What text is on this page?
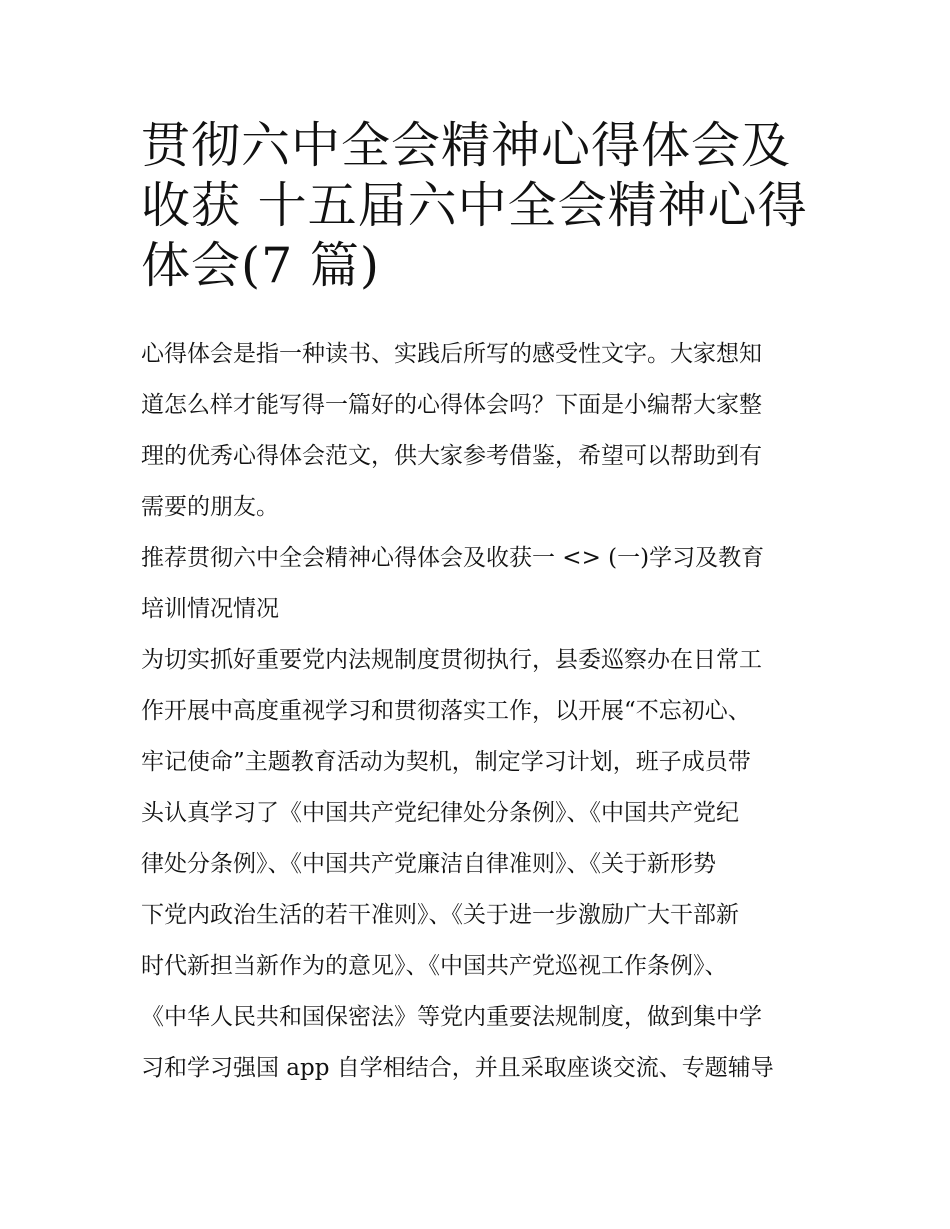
贯彻六中全会精神心得体会及
收获 十五届六中全会精神心得
体会(7 篇)
心得体会是指一种读书、实践后所写的感受性文字。大家想知
道怎么样才能写得一篇好的心得体会吗？下面是小编帮大家整
理的优秀心得体会范文，供大家参考借鉴，希望可以帮助到有
需要的朋友。
推荐贯彻六中全会精神心得体会及收获一 <> (一)学习及教育
培训情况情况
为切实抓好重要党内法规制度贯彻执行，县委巡察办在日常工
作开展中高度重视学习和贯彻落实工作，以开展“不忘初心、
牢记使命”主题教育活动为契机，制定学习计划，班子成员带
头认真学习了《中国共产党纪律处分条例》、《中国共产党纪
律处分条例》、《中国共产党廉洁自律准则》、《关于新形势
下党内政治生活的若干准则》、《关于进一步激励广大干部新
时代新担当新作为的意见》、《中国共产党巡视工作条例》、
《中华人民共和国保密法》等党内重要法规制度，做到集中学
习和学习强国 app 自学相结合，并且采取座谈交流、专题辅导
